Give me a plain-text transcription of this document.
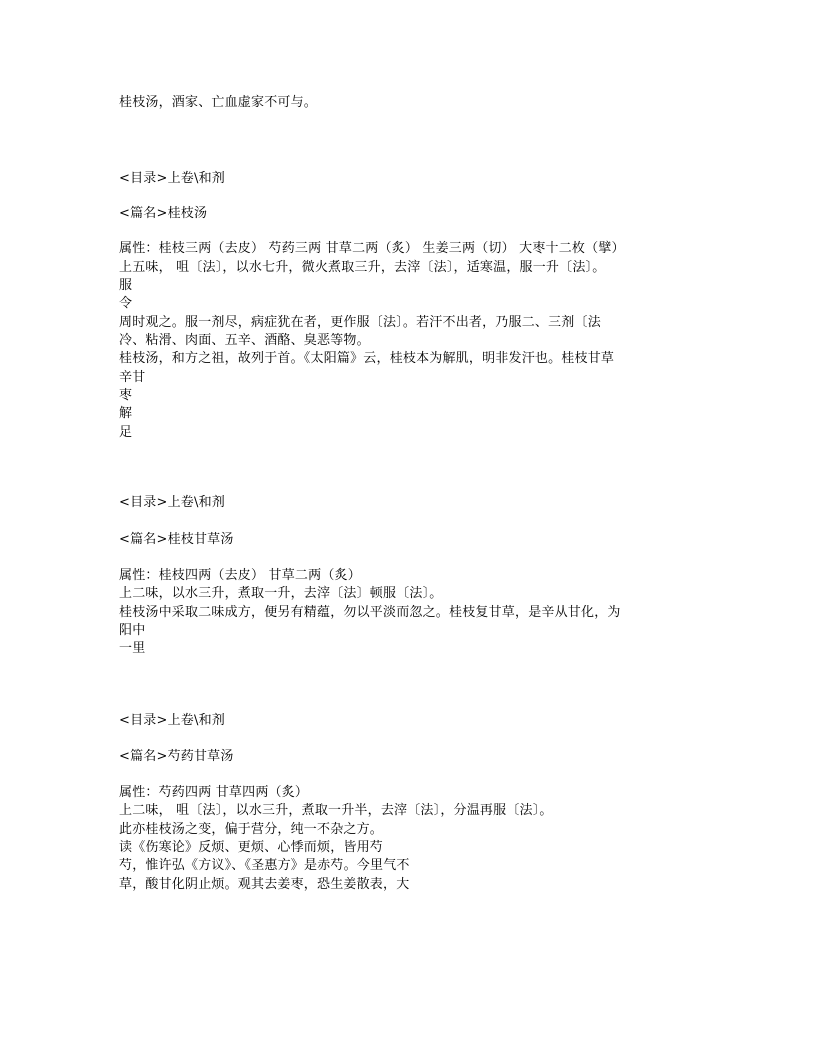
桂枝汤，酒家、亡血虚家不可与。
<目录>上卷\和剂
<篇名>桂枝汤
属性：桂枝三两（去皮） 芍药三两 甘草二两（炙） 生姜三两（切） 大枣十二枚（擘）
上五味， 咀〔法〕，以水七升，微火煮取三升，去滓〔法〕，适寒温，服一升〔法〕。
服
令
周时观之。服一剂尽，病症犹在者，更作服〔法〕。若汗不出者，乃服二、三剂〔法
冷、粘滑、肉面、五辛、酒酪、臭恶等物。
桂枝汤，和方之祖，故列于首。《太阳篇》云，桂枝本为解肌，明非发汗也。桂枝甘草
辛甘
枣
解
足
<目录>上卷\和剂
<篇名>桂枝甘草汤
属性：桂枝四两（去皮） 甘草二两（炙）
上二味，以水三升，煮取一升，去滓〔法〕顿服〔法〕。
桂枝汤中采取二味成方，便另有精蕴，勿以平淡而忽之。桂枝复甘草，是辛从甘化，为
阳中
一里
<目录>上卷\和剂
<篇名>芍药甘草汤
属性：芍药四两 甘草四两（炙）
上二味， 咀〔法〕，以水三升，煮取一升半，去滓〔法〕，分温再服〔法〕。
此亦桂枝汤之变，偏于营分，纯一不杂之方。
读《伤寒论》反烦、更烦、心悸而烦，皆用芍
芍，惟许弘《方议》、《圣惠方》是赤芍。今里气不
草，酸甘化阴止烦。观其去姜枣，恐生姜散表，大
